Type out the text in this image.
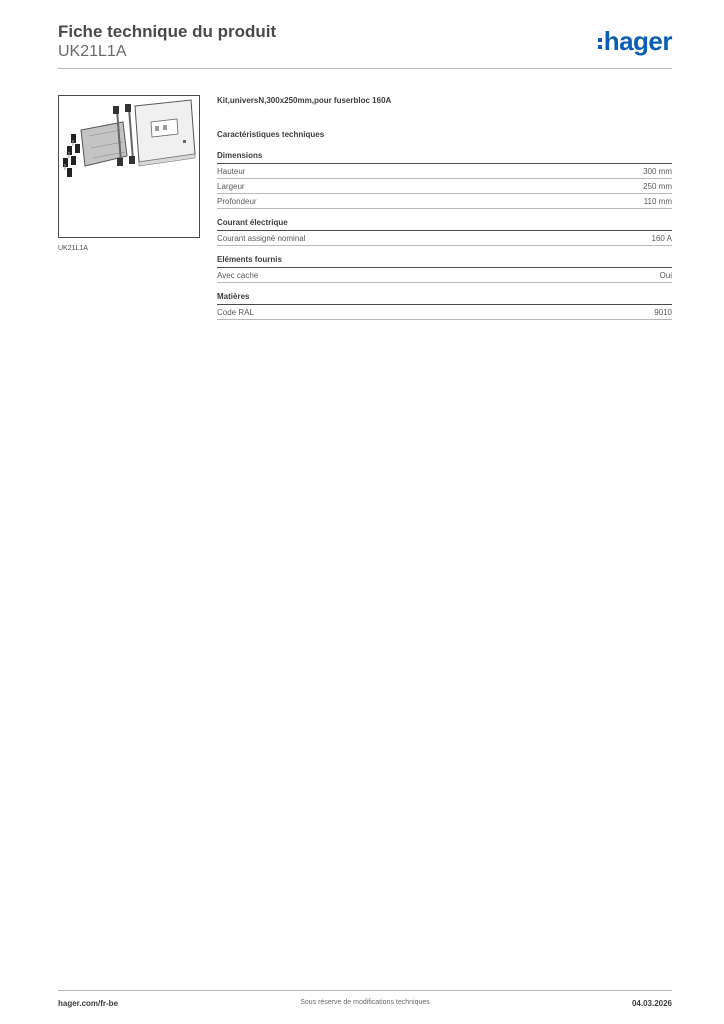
Fiche technique du produit
UK21L1A	hager
UK21L1A
Kit,universN,300x250mm,pour fuserbloc 160A
Caractéristiques techniques
Dimensions
Hauteur	300 mm
Largeur	250 mm
Profondeur	110 mm
Courant électrique
Courant assigné nominal	160 A
Eléments fournis
Avec cache	Oui
Matières
Code RAL	9010
hager.com/fr-be	Sous réserve de modifications techniques	04.03.2026
